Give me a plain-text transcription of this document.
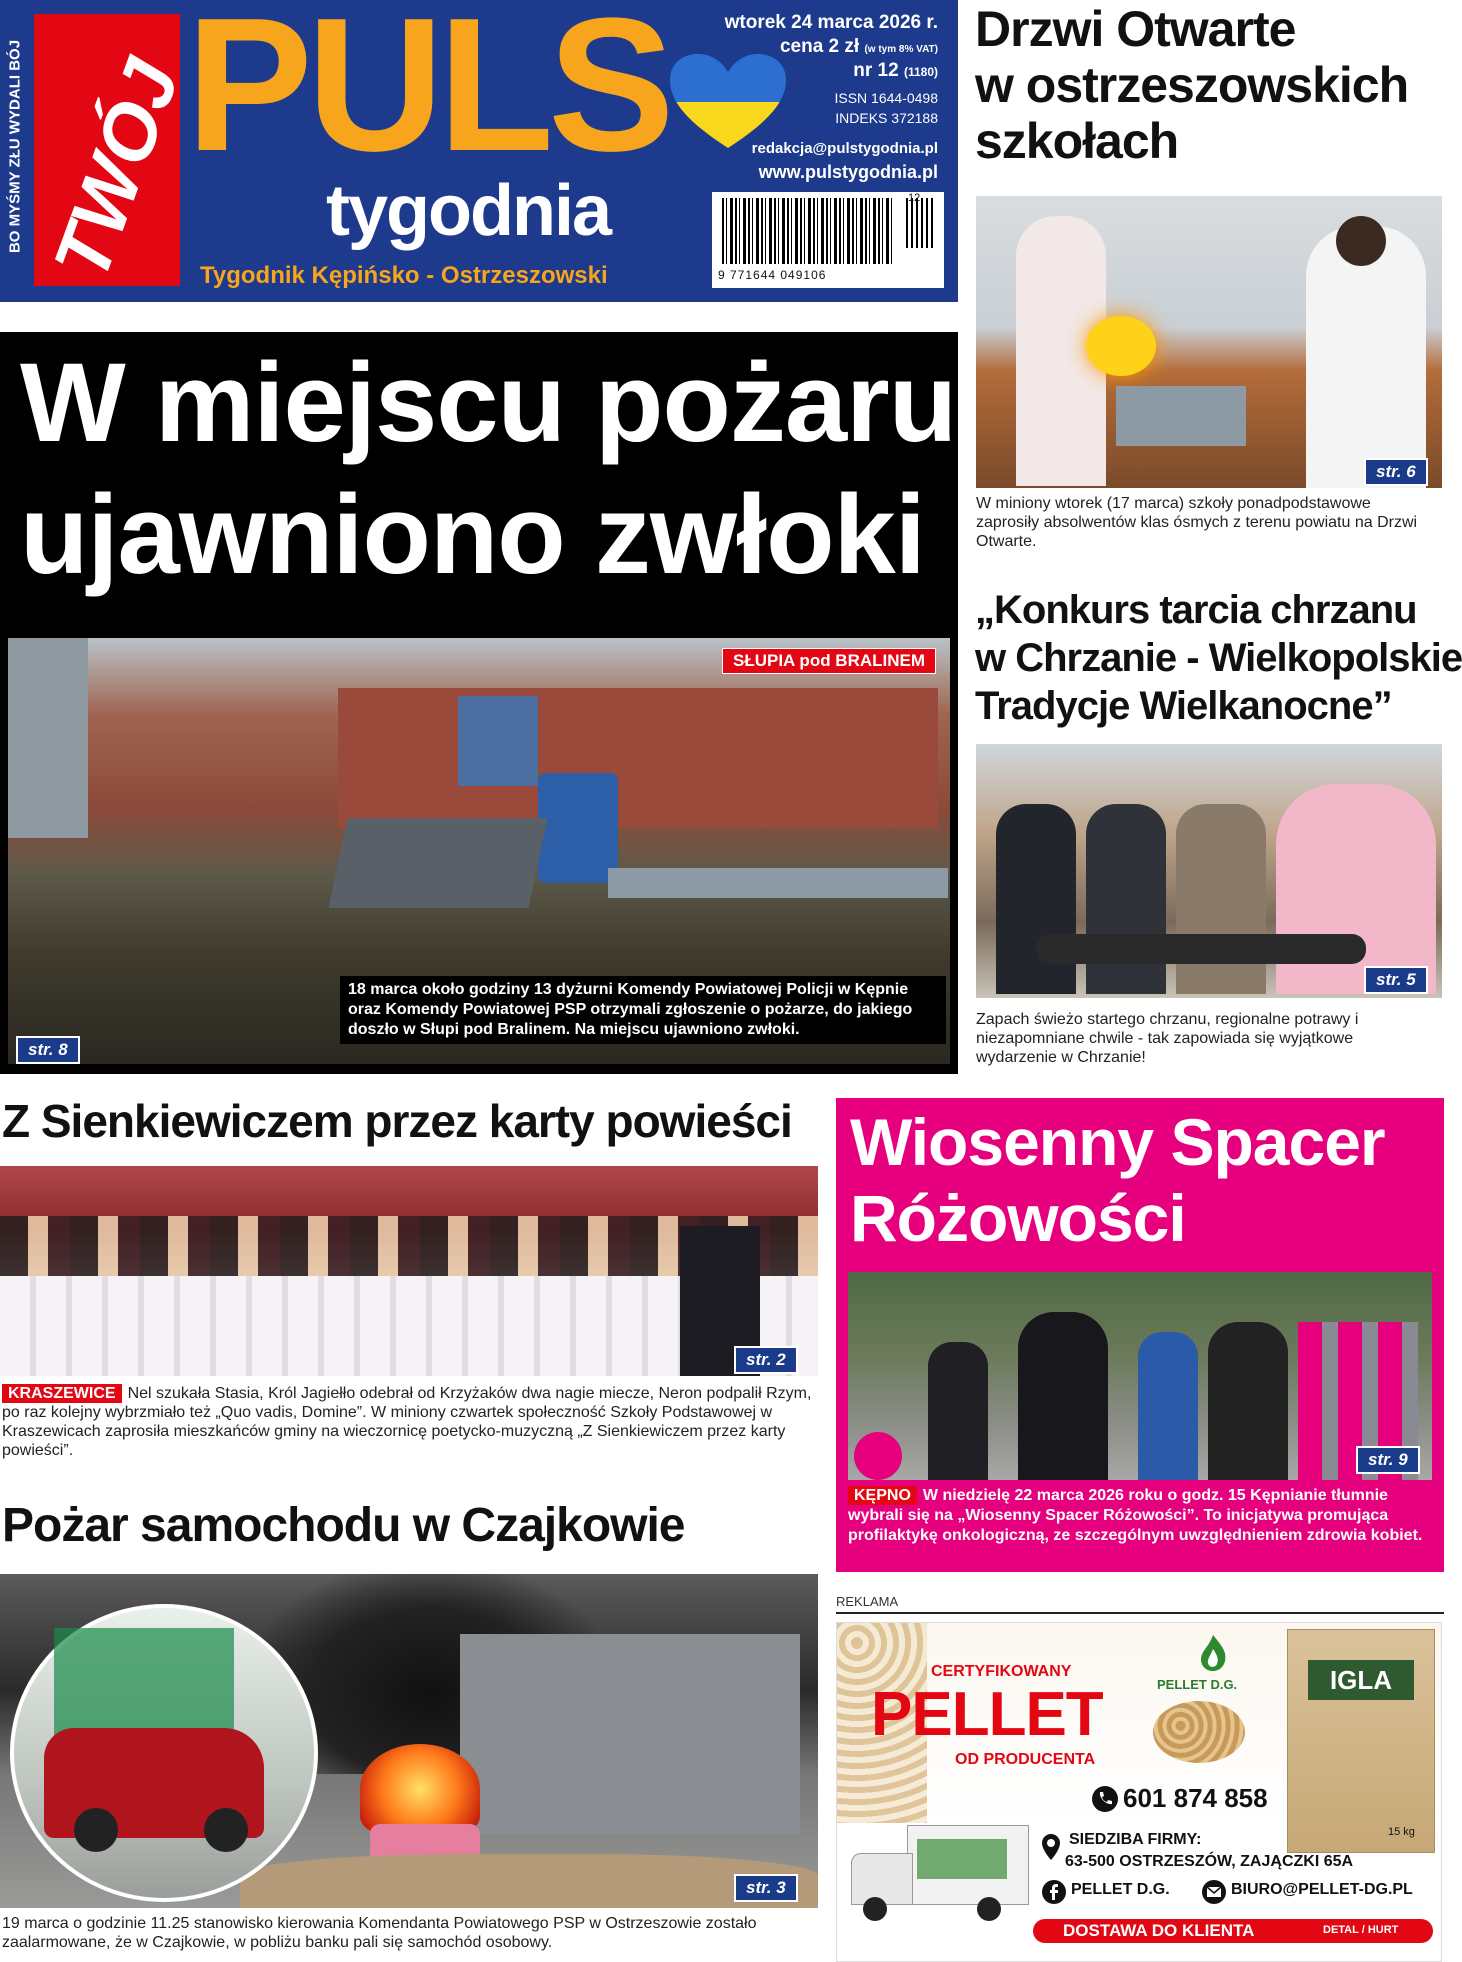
BO MYŚMY ZŁU WYDALI BÓJ TWÓJ
PULS
tygodnia
Tygodnik Kępińsko - Ostrzeszowski
wtorek 24 marca 2026 r.
cena 2 zł (w tym 8% VAT)
nr 12 (1180)
ISSN 1644-0498
INDEKS 372188
redakcja@pulstygodnia.pl
www.pulstygodnia.pl
12
9 771644 049106
W miejscu pożaru
ujawniono zwłoki
SŁUPIA pod BRALINEM
18 marca około godziny 13 dyżurni Komendy Powiatowej Policji w Kępnie oraz Komendy Powiatowej PSP otrzymali zgłoszenie o pożarze, do jakiego doszło w Słupi pod Bralinem. Na miejscu ujawniono zwłoki.
str. 8
Drzwi Otwarte
w ostrzeszowskich
szkołach
str. 6
W miniony wtorek (17 marca) szkoły ponadpodstawowe zaprosiły absolwentów klas ósmych z terenu powiatu na Drzwi Otwarte.
„Konkurs tarcia chrzanu
w Chrzanie - Wielkopolskie
Tradycje Wielkanocne”
str. 5
Zapach świeżo startego chrzanu, regionalne potrawy i niezapomniane chwile - tak zapowiada się wyjątkowe wydarzenie w Chrzanie!
Z Sienkiewiczem przez karty powieści
str. 2
KRASZEWICE Nel szukała Stasia, Król Jagiełło odebrał od Krzyżaków dwa nagie miecze, Neron podpalił Rzym, po raz kolejny wybrzmiało też „Quo vadis, Domine”. W miniony czwartek społeczność Szkoły Podstawowej w Kraszewicach zaprosiła mieszkańców gminy na wieczornicę poetycko-muzyczną „Z Sienkiewiczem przez karty powieści”.
Wiosenny Spacer
Różowości
str. 9
KĘPNO W niedzielę 22 marca 2026 roku o godz. 15 Kępnianie tłumnie wybrali się na „Wiosenny Spacer Różowości”. To inicjatywa promująca profilaktykę onkologiczną, ze szczególnym uwzględnieniem zdrowia kobiet.
Pożar samochodu w Czajkowie
str. 3
19 marca o godzinie 11.25 stanowisko kierowania Komendanta Powiatowego PSP w Ostrzeszowie zostało zaalarmowane, że w Czajkowie, w pobliżu banku pali się samochód osobowy.
REKLAMA
CERTYFIKOWANY
PELLET
OD PRODUCENTA
PELLET D.G.	IGLA
15 kg
601 874 858
SIEDZIBA FIRMY:
63-500 OSTRZESZÓW, ZAJĄCZKI 65A
PELLET D.G.	BIURO@PELLET-DG.PL
DOSTAWA DO KLIENTA	DETAL / HURT
